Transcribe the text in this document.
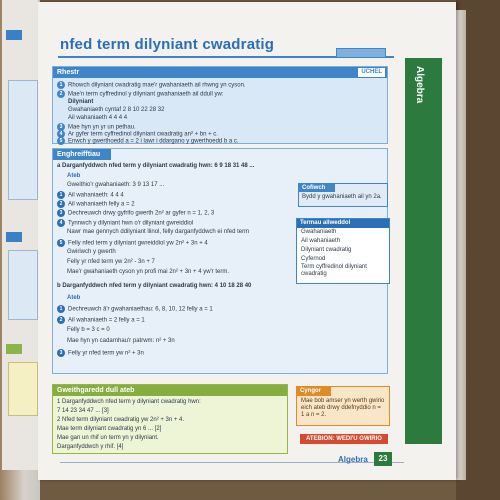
nfed term dilyniant cwadratig
Algebra
Rhestr	UCHEL
1 Rhowch dilyniant cwadratig mae'r gwahaniaeth ail rhwng yn cyson.
2 Mae'n term cyffredinol y dilyniant gwahaniaeth ail ddull yw:
Dilyniant
Gwahaniaeth cyntaf 2 8 10 22 28 32
Ail wahaniaeth 4 4 4 4
3 Mae hyn yn yr un pethau.
4 Ar gyfer term cyffredinol dilyniant cwadratig an² + bn + c.
5 Enwch y gwerthoedd a = 2 i lawr i ddargano y gwerthoedd b a c.
Enghreifftiau
a Darganfyddwch nfed term y dilyniant cwadratig hwn: 6 9 18 31 48 ...
Ateb
Gweithio'r gwahaniaeth: 3 9 13 17 ...
1 Ail wahaniaeth: 4 4 4
2 Ail wahaniaeth felly a = 2
3 Dechreuwch drwy gyfrifo gwerth 2n² ar gyfer n = 1, 2, 3
4 Tynnwch y dilyniant hwn o'r dilyniant gwreiddiol
Nawr mae gennych ddilyniant llinol, felly darganfyddwch ei nfed term
5 Felly nfed term y dilyniant gwreiddiol yw 2n² + 3n + 4
Gwiriwch y gwerth
Felly yr nfed term yw 2n² - 3n + 7
Mae'r gwahaniaeth cyson yn profi mai 2n² + 3n + 4 yw'r term.
b Darganfyddwch nfed term y dilyniant cwadratig hwn: 4 10 18 28 40
Ateb
1 Dechreuwch â'r gwahaniaethau: 6, 8, 10, 12 felly a = 1
2 Ail wahaniaeth = 2 felly a = 1
Felly b = 3 c = 0
Mae hyn yn cadarnhau'r patrwm: n² + 3n
3 Felly yr nfed term yw n² + 3n
Cofiwch
Bydd y gwahaniaeth ail yn 2a.
Termau allweddol
Gwahaniaeth
Ail wahaniaeth
Dilyniant cwadratig
Cyfernod
Term cyffredinol dilyniant cwadratig
Gweithgaredd dull ateb
1 Darganfyddwch nfed term y dilyniant cwadratig hwn:
7 14 23 34 47 ... [3]
2 Nfed term dilyniant cwadratig yw 2n² + 3n + 4.
Mae term dilyniant cwadratig yn 6 ... [2]
Mae gan un rhif un term yn y dilyniant.
Darganfyddwch y rhif. [4]
Cyngor
Mae bob amser yn werth gwirio eich ateb drwy ddefnyddio n = 1 a n = 2.
ATEBION: WEDI'U GWIRIO
Algebra	23
